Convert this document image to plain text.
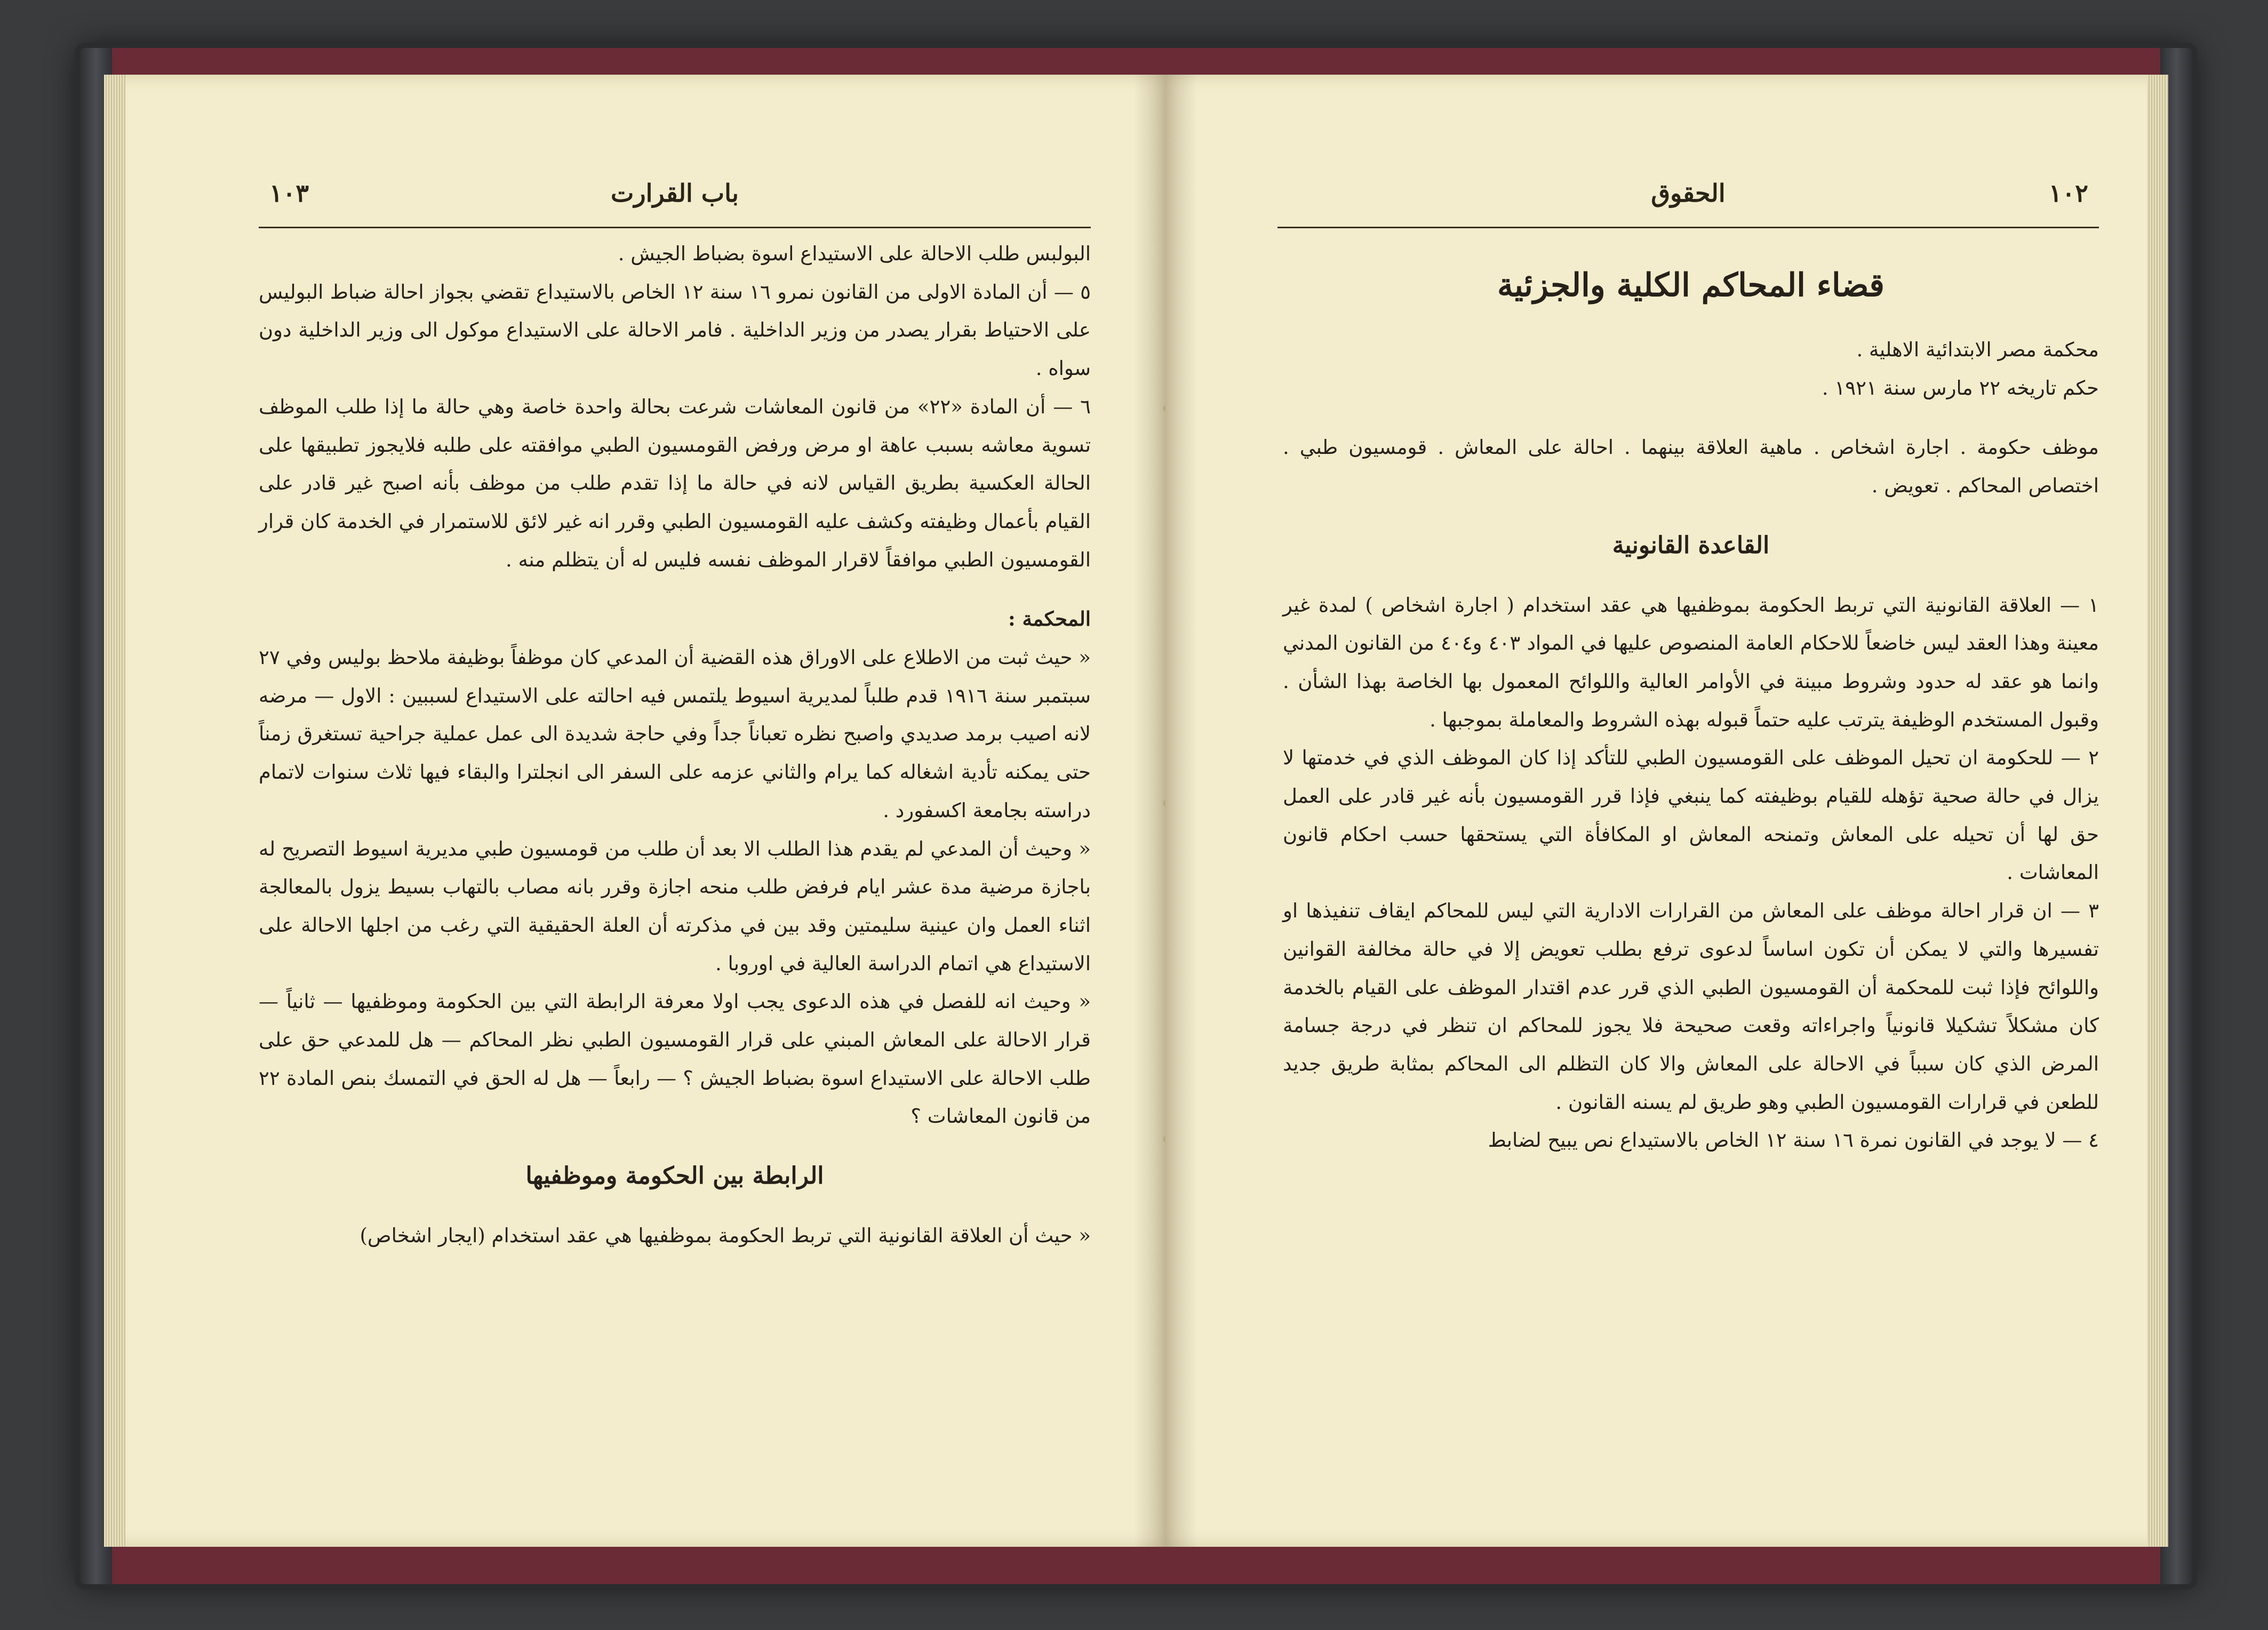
باب القرارت
١٠٣

البولبس طلب الاحالة على الاستيداع اسوة بضباط الجيش .

٥ — أن المادة الاولى من القانون نمرو ١٦ سنة ١٢ الخاص بالاستيداع تقضي بجواز احالة ضباط البوليس على الاحتياط بقرار يصدر من وزير الداخلية . فامر الاحالة على الاستيداع موكول الى وزير الداخلية دون سواه .

٦ — أن المادة «٢٢» من قانون المعاشات شرعت بحالة واحدة خاصة وهي حالة ما إذا طلب الموظف تسوية معاشه بسبب عاهة او مرض ورفض القومسيون الطبي موافقته على طلبه فلايجوز تطبيقها على الحالة العكسية بطريق القياس لانه في حالة ما إذا تقدم طلب من موظف بأنه اصبح غير قادر على القيام بأعمال وظيفته وكشف عليه القومسيون الطبي وقرر انه غير لائق للاستمرار في الخدمة كان قرار القومسيون الطبي موافقاً لاقرار الموظف نفسه فليس له أن يتظلم منه .

المحكمة :

« حيث ثبت من الاطلاع على الاوراق هذه القضية أن المدعي كان موظفاً بوظيفة ملاحظ بوليس وفي ٢٧ سبتمبر سنة ١٩١٦ قدم طلباً لمديرية اسيوط يلتمس فيه احالته على الاستيداع لسببين : الاول — مرضه لانه اصيب برمد صديدي واصبح نظره تعباناً جداً وفي حاجة شديدة الى عمل عملية جراحية تستغرق زمناً حتى يمكنه تأدية اشغاله كما يرام والثاني عزمه على السفر الى انجلترا والبقاء فيها ثلاث سنوات لاتمام دراسته بجامعة اكسفورد .

« وحيث أن المدعي لم يقدم هذا الطلب الا بعد أن طلب من قومسيون طبي مديرية اسيوط التصريح له باجازة مرضية مدة عشر ايام فرفض طلب منحه اجازة وقرر بانه مصاب بالتهاب بسيط يزول بالمعالجة اثناء العمل وان عينية سليمتين وقد بين في مذكرته أن العلة الحقيقية التي رغب من اجلها الاحالة على الاستيداع هي اتمام الدراسة العالية في اوروبا .

« وحيث انه للفصل في هذه الدعوى يجب اولا معرفة الرابطة التي بين الحكومة وموظفيها — ثانياً — قرار الاحالة على المعاش المبني على قرار القومسيون الطبي نظر المحاكم — هل للمدعي حق على طلب الاحالة على الاستيداع اسوة بضباط الجيش ؟ — رابعاً — هل له الحق في التمسك بنص المادة ٢٢ من قانون المعاشات ؟

الرابطة بين الحكومة وموظفيها

« حيث أن العلاقة القانونية التي تربط الحكومة بموظفيها هي عقد استخدام (ايجار اشخاص)

الحقوق	١٠٢

قضاء المحاكم الكلية والجزئية

محكمة مصر الابتدائية الاهلية .

حكم تاريخه ٢٢ مارس سنة ١٩٢١ .

موظف حكومة . اجارة اشخاص . ماهية العلاقة بينهما . احالة على المعاش . قومسيون طبي . اختصاص المحاكم . تعويض .

القاعدة القانونية

١ — العلاقة القانونية التي تربط الحكومة بموظفيها هي عقد استخدام ( اجارة اشخاص ) لمدة غير معينة وهذا العقد ليس خاضعاً للاحكام العامة المنصوص عليها في المواد ٤٠٣ و٤٠٤ من القانون المدني وانما هو عقد له حدود وشروط مبينة في الأوامر العالية واللوائح المعمول بها الخاصة بهذا الشأن . وقبول المستخدم الوظيفة يترتب عليه حتماً قبوله بهذه الشروط والمعاملة بموجبها .

٢ — للحكومة ان تحيل الموظف على القومسيون الطبي للتأكد إذا كان الموظف الذي في خدمتها لا يزال في حالة صحية تؤهله للقيام بوظيفته كما ينبغي فإذا قرر القومسيون بأنه غير قادر على العمل حق لها أن تحيله على المعاش وتمنحه المعاش او المكافأة التي يستحقها حسب احكام قانون المعاشات .

٣ — ان قرار احالة موظف على المعاش من القرارات الادارية التي ليس للمحاكم ايقاف تنفيذها او تفسيرها والتي لا يمكن أن تكون اساساً لدعوى ترفع بطلب تعويض إلا في حالة مخالفة القوانين واللوائح فإذا ثبت للمحكمة أن القومسيون الطبي الذي قرر عدم اقتدار الموظف على القيام بالخدمة كان مشكلاً تشكيلا قانونياً واجراءاته وقعت صحيحة فلا يجوز للمحاكم ان تنظر في درجة جسامة المرض الذي كان سبباً في الاحالة على المعاش والا كان التظلم الى المحاكم بمثابة طريق جديد للطعن في قرارات القومسيون الطبي وهو طريق لم يسنه القانون .

٤ — لا يوجد في القانون نمرة ١٦ سنة ١٢ الخاص بالاستيداع نص يبيح لضابط
